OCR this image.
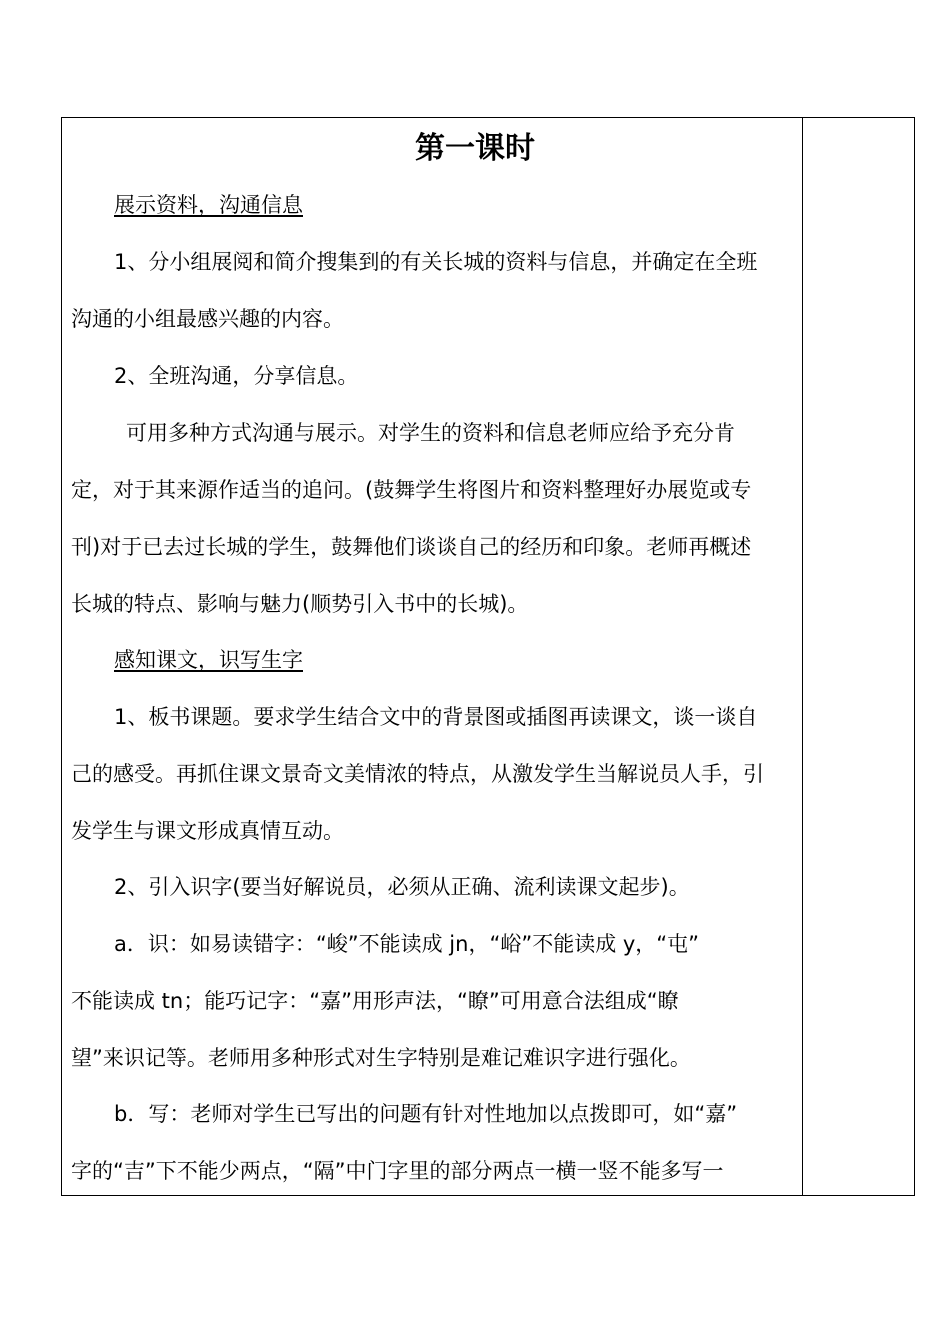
第一课时

展示资料，沟通信息

1、分小组展阅和简介搜集到的有关长城的资料与信息，并确定在全班

沟通的小组最感兴趣的内容。

2、全班沟通，分享信息。

可用多种方式沟通与展示。对学生的资料和信息老师应给予充分肯

定，对于其来源作适当的追问。(鼓舞学生将图片和资料整理好办展览或专

刊)对于已去过长城的学生，鼓舞他们谈谈自己的经历和印象。老师再概述

长城的特点、影响与魅力(顺势引入书中的长城)。

感知课文，识写生字

1、板书课题。要求学生结合文中的背景图或插图再读课文，谈一谈自

己的感受。再抓住课文景奇文美情浓的特点，从激发学生当解说员人手，引

发学生与课文形成真情互动。

2、引入识字(要当好解说员，必须从正确、流利读课文起步)。

a．识：如易读错字：“峻”不能读成 jn，“峪”不能读成 y，“屯”

不能读成 tn；能巧记字：“嘉”用形声法，“瞭”可用意合法组成“瞭

望”来识记等。老师用多种形式对生字特别是难记难识字进行强化。

b．写：老师对学生已写出的问题有针对性地加以点拨即可，如“嘉”

字的“吉”下不能少两点，“隔”中门字里的部分两点一横一竖不能多写一
